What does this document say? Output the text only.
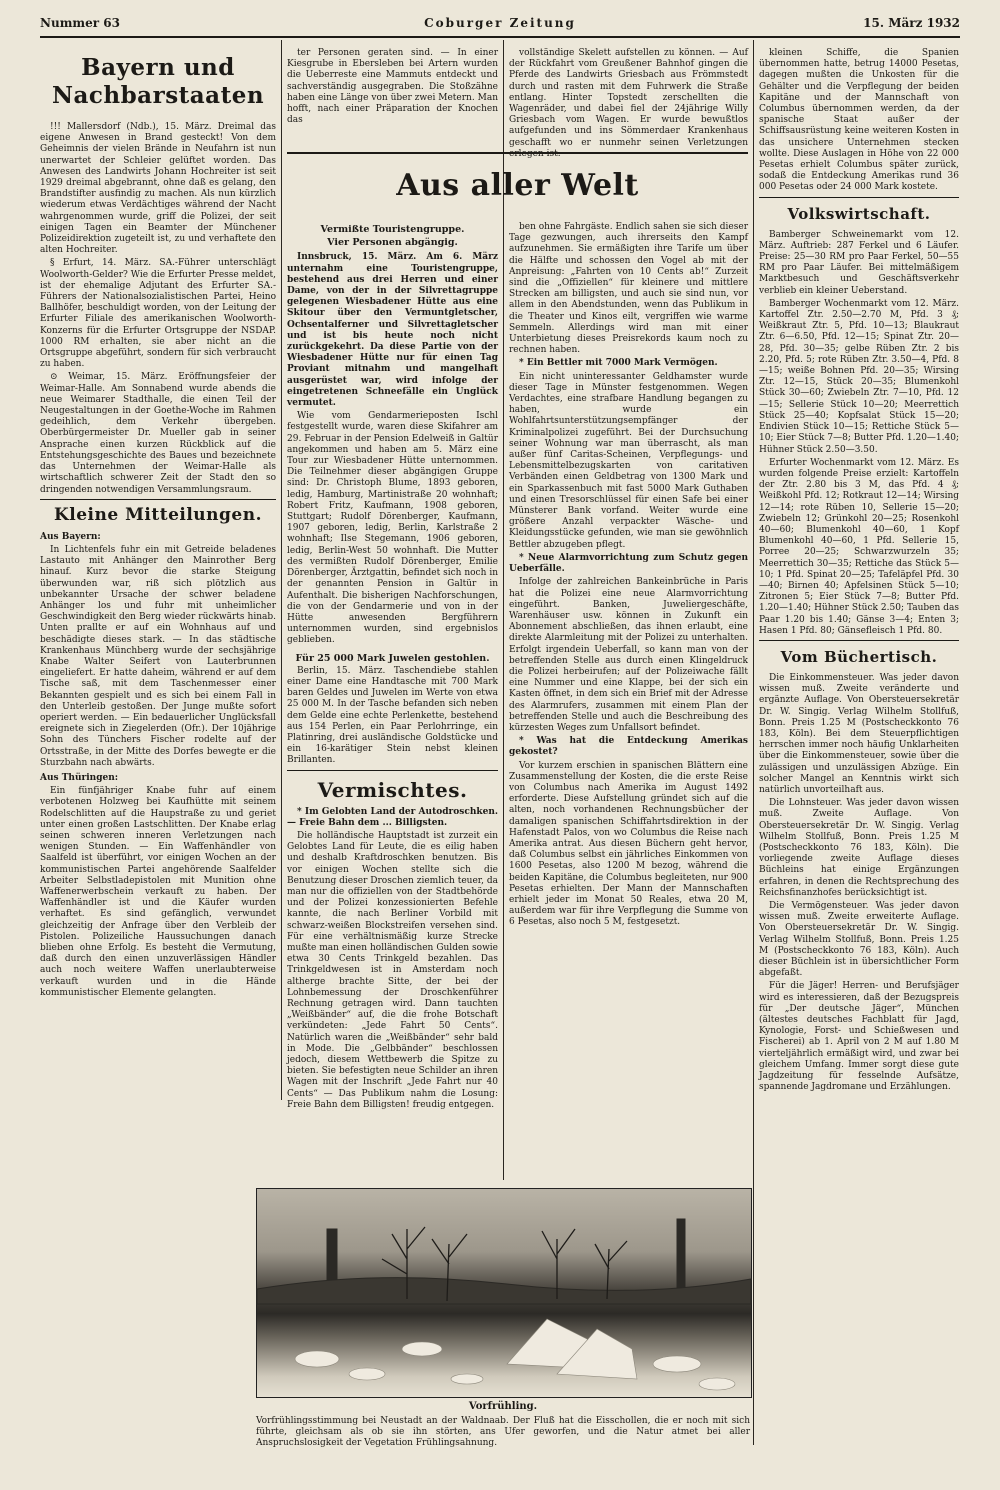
Nummer 63	Coburger Zeitung	15. März 1932
Bayern und Nachbarstaaten

!!! Mallersdorf (Ndb.), 15. März. Dreimal das eigene Anwesen in Brand gesteckt! Von dem Geheimnis der vielen Brände in Neufahrn ist nun unerwartet der Schleier gelüftet worden. Das Anwesen des Landwirts Johann Hochreiter ist seit 1929 dreimal abgebrannt, ohne daß es gelang, den Brandstifter ausfindig zu machen. Als nun kürzlich wiederum etwas Verdächtiges während der Nacht wahrgenommen wurde, griff die Polizei, der seit einigen Tagen ein Beamter der Münchener Polizeidirektion zugeteilt ist, zu und verhaftete den alten Hochreiter.

§ Erfurt, 14. März. SA.-Führer unterschlägt Woolworth-Gelder? Wie die Erfurter Presse meldet, ist der ehemalige Adjutant des Erfurter SA.-Führers der Nationalsozialistischen Partei, Heino Ballhöfer, beschuldigt worden, von der Leitung der Erfurter Filiale des amerikanischen Woolworth-Konzerns für die Erfurter Ortsgruppe der NSDAP. 1000 RM erhalten, sie aber nicht an die Ortsgruppe abgeführt, sondern für sich verbraucht zu haben.

⊙ Weimar, 15. März. Eröffnungsfeier der Weimar-Halle. Am Sonnabend wurde abends die neue Weimarer Stadthalle, die einen Teil der Neugestaltungen in der Goethe-Woche im Rahmen gedeihlich, dem Verkehr übergeben. Oberbürgermeister Dr. Mueller gab in seiner Ansprache einen kurzen Rückblick auf die Entstehungsgeschichte des Baues und bezeichnete das Unternehmen der Weimar-Halle als wirtschaftlich schwerer Zeit der Stadt den so dringenden notwendigen Versammlungsraum.

Kleine Mitteilungen.
Aus Bayern:

In Lichtenfels fuhr ein mit Getreide beladenes Lastauto mit Anhänger den Mainrother Berg hinauf. Kurz bevor die starke Steigung überwunden war, riß sich plötzlich aus unbekannter Ursache der schwer beladene Anhänger los und fuhr mit unheimlicher Geschwindigkeit den Berg wieder rückwärts hinab. Unten prallte er auf ein Wohnhaus auf und beschädigte dieses stark. — In das städtische Krankenhaus Münchberg wurde der sechsjährige Knabe Walter Seifert von Lauterbrunnen eingeliefert. Er hatte daheim, während er auf dem Tische saß, mit dem Taschenmesser einer Bekannten gespielt und es sich bei einem Fall in den Unterleib gestoßen. Der Junge mußte sofort operiert werden. — Ein bedauerlicher Unglücksfall ereignete sich in Ziegelerden (Ofr.). Der 10jährige Sohn des Tünchers Fischer rodelte auf der Ortsstraße, in der Mitte des Dorfes bewegte er die Sturzbahn nach abwärts.

Aus Thüringen:

Ein fünfjähriger Knabe fuhr auf einem verbotenen Holzweg bei Kaufhütte mit seinem Rodelschlitten auf die Haupstraße zu und geriet unter einen großen Lastschlitten. Der Knabe erlag seinen schweren inneren Verletzungen nach wenigen Stunden. — Ein Waffenhändler von Saalfeld ist überführt, vor einigen Wochen an der kommunistischen Partei angehörende Saalfelder Arbeiter Selbstladepistolen mit Munition ohne Waffenerwerbschein verkauft zu haben. Der Waffenhändler ist und die Käufer wurden verhaftet. Es sind gefänglich, verwundet gleichzeitig der Anfrage über den Verbleib der Pistolen. Polizeiliche Haussuchungen danach blieben ohne Erfolg. Es besteht die Vermutung, daß durch den einen unzuverlässigen Händler auch noch weitere Waffen unerlaubterweise verkauft wurden und in die Hände kommunistischer Elemente gelangten.

ter Personen geraten sind. — In einer Kiesgrube in Ebersleben bei Artern wurden die Ueberreste eine Mammuts entdeckt und sachverständig ausgegraben. Die Stoßzähne haben eine Länge von über zwei Metern. Man hofft, nach einer Präparation der Knochen das

vollständige Skelett aufstellen zu können. — Auf der Rückfahrt vom Greußener Bahnhof gingen die Pferde des Landwirts Griesbach aus Frömmstedt durch und rasten mit dem Fuhrwerk die Straße entlang. Hinter Topstedt zerschellten die Wagenräder, und dabei fiel der 24jährige Willy Griesbach vom Wagen. Er wurde bewußtlos aufgefunden und ins Sömmerdaer Krankenhaus geschafft wo er nunmehr seinen Verletzungen erlegen ist.

Aus aller Welt
Vermißte Touristengruppe.
Vier Personen abgängig.

Innsbruck, 15. März. Am 6. März unternahm eine Touristengruppe, bestehend aus drei Herren und einer Dame, von der in der Silvrettagruppe gelegenen Wiesbadener Hütte aus eine Skitour über den Vermuntgletscher, Ochsentalferner und Silvrettagletscher und ist bis heute noch nicht zurückgekehrt. Da diese Partie von der Wiesbadener Hütte nur für einen Tag Proviant mitnahm und mangelhaft ausgerüstet war, wird infolge der eingetretenen Schneefälle ein Unglück vermutet.

Wie vom Gendarmerieposten Ischl festgestellt wurde, waren diese Skifahrer am 29. Februar in der Pension Edelweiß in Galtür angekommen und haben am 5. März eine Tour zur Wiesbadener Hütte unternommen. Die Teilnehmer dieser abgängigen Gruppe sind: Dr. Christoph Blume, 1893 geboren, ledig, Hamburg, Martinistraße 20 wohnhaft; Robert Fritz, Kaufmann, 1908 geboren, Stuttgart; Rudolf Dörenberger, Kaufmann, 1907 geboren, ledig, Berlin, Karlstraße 2 wohnhaft; Ilse Stegemann, 1906 geboren, ledig, Berlin-West 50 wohnhaft. Die Mutter des vermißten Rudolf Dörenberger, Emilie Dörenberger, Ärztgattin, befindet sich noch in der genannten Pension in Galtür in Aufenthalt. Die bisherigen Nachforschungen, die von der Gendarmerie und von in der Hütte anwesenden Bergführern unternommen wurden, sind ergebnislos geblieben.

Für 25 000 Mark Juwelen gestohlen.

Berlin, 15. März. Taschendiebe stahlen einer Dame eine Handtasche mit 700 Mark baren Geldes und Juwelen im Werte von etwa 25 000 M. In der Tasche befanden sich neben dem Gelde eine echte Perlenkette, bestehend aus 154 Perlen, ein Paar Perlohrringe, ein Platinring, drei ausländische Goldstücke und ein 16-karätiger Stein nebst kleinen Brillanten.

Vermischtes.

* Im Gelobten Land der Autodroschken. — Freie Bahn dem ... Billigsten.

Die holländische Hauptstadt ist zurzeit ein Gelobtes Land für Leute, die es eilig haben und deshalb Kraftdroschken benutzen. Bis vor einigen Wochen stellte sich die Benutzung dieser Droschen ziemlich teuer, da man nur die offiziellen von der Stadtbehörde und der Polizei konzessionierten Befehle kannte, die nach Berliner Vorbild mit schwarz-weißen Blockstreifen versehen sind. Für eine verhältnismäßig kurze Strecke mußte man einen holländischen Gulden sowie etwa 30 Cents Trinkgeld bezahlen. Das Trinkgeldwesen ist in Amsterdam noch altherge brachte Sitte, der bei der Lohnbemessung der Droschkenführer Rechnung getragen wird. Dann tauchten „Weißbänder“ auf, die die frohe Botschaft verkündeten: „Jede Fahrt 50 Cents“. Natürlich waren die „Weißbänder“ sehr bald in Mode. Die „Gelbbänder“ beschlossen jedoch, diesem Wettbewerb die Spitze zu bieten. Sie befestigten neue Schilder an ihren Wagen mit der Inschrift „Jede Fahrt nur 40 Cents“ — Das Publikum nahm die Losung: Freie Bahn dem Billigsten! freudig entgegen.

ben ohne Fahrgäste. Endlich sahen sie sich dieser Tage gezwungen, auch ihrerseits den Kampf aufzunehmen. Sie ermäßigten ihre Tarife um über die Hälfte und schossen den Vogel ab mit der Anpreisung: „Fahrten von 10 Cents ab!“ Zurzeit sind die „Offiziellen“ für kleinere und mittlere Strecken am billigsten, und auch sie sind nun, vor allem in den Abendstunden, wenn das Publikum in die Theater und Kinos eilt, vergriffen wie warme Semmeln. Allerdings wird man mit einer Unterbietung dieses Preisrekords kaum noch zu rechnen haben.

* Ein Bettler mit 7000 Mark Vermögen.

Ein nicht uninteressanter Geldhamster wurde dieser Tage in Münster festgenommen. Wegen Verdachtes, eine strafbare Handlung begangen zu haben, wurde ein Wohlfahrtsunterstützungsempfänger der Kriminalpolizei zugeführt. Bei der Durchsuchung seiner Wohnung war man überrascht, als man außer fünf Caritas-Scheinen, Verpflegungs- und Lebensmittelbezugskarten von caritativen Verbänden einen Geldbetrag von 1300 Mark und ein Sparkassenbuch mit fast 5000 Mark Guthaben und einen Tresorschlüssel für einen Safe bei einer Münsterer Bank vorfand. Weiter wurde eine größere Anzahl verpackter Wäsche- und Kleidungsstücke gefunden, wie man sie gewöhnlich Bettler abzugeben pflegt.

* Neue Alarmvorrichtung zum Schutz gegen Ueberfälle.

Infolge der zahlreichen Bankeinbrüche in Paris hat die Polizei eine neue Alarmvorrichtung eingeführt. Banken, Juweliergeschäfte, Warenhäuser usw. können in Zukunft ein Abonnement abschließen, das ihnen erlaubt, eine direkte Alarmleitung mit der Polizei zu unterhalten. Erfolgt irgendein Ueberfall, so kann man von der betreffenden Stelle aus durch einen Klingeldruck die Polizei herbeirufen; auf der Polizeiwache fällt eine Nummer und eine Klappe, bei der sich ein Kasten öffnet, in dem sich ein Brief mit der Adresse des Alarmrufers, zusammen mit einem Plan der betreffenden Stelle und auch die Beschreibung des kürzesten Weges zum Unfallsort befindet.

* Was hat die Entdeckung Amerikas gekostet?

Vor kurzem erschien in spanischen Blättern eine Zusammenstellung der Kosten, die die erste Reise von Columbus nach Amerika im August 1492 erforderte. Diese Aufstellung gründet sich auf die alten, noch vorhandenen Rechnungsbücher der damaligen spanischen Schiffahrtsdirektion in der Hafenstadt Palos, von wo Columbus die Reise nach Amerika antrat. Aus diesen Büchern geht hervor, daß Columbus selbst ein jährliches Einkommen von 1600 Pesetas, also 1200 M bezog, während die beiden Kapitäne, die Columbus begleiteten, nur 900 Pesetas erhielten. Der Mann der Mannschaften erhielt jeder im Monat 50 Reales, etwa 20 M, außerdem war für ihre Verpflegung die Summe von 6 Pesetas, also noch 5 M, festgesetzt.

kleinen Schiffe, die Spanien übernommen hatte, betrug 14000 Pesetas, dagegen mußten die Unkosten für die Gehälter und die Verpflegung der beiden Kapitäne und der Mannschaft von Columbus übernommen werden, da der spanische Staat außer der Schiffsausrüstung keine weiteren Kosten in das unsichere Unternehmen stecken wollte. Diese Auslagen in Höhe von 22 000 Pesetas erhielt Columbus später zurück, sodaß die Entdeckung Amerikas rund 36 000 Pesetas oder 24 000 Mark kostete.

Volkswirtschaft.

Bamberger Schweinemarkt vom 12. März. Auftrieb: 287 Ferkel und 6 Läufer. Preise: 25—30 RM pro Paar Ferkel, 50—55 RM pro Paar Läufer. Bei mittelmäßigem Marktbesuch und Geschäftsverkehr verblieb ein kleiner Ueberstand.

Bamberger Wochenmarkt vom 12. März. Kartoffel Ztr. 2.50—2.70 M, Pfd. 3 ₰; Weißkraut Ztr. 5, Pfd. 10—13; Blaukraut Ztr. 6—6.50, Pfd. 12—15; Spinat Ztr. 20—28, Pfd. 30—35; gelbe Rüben Ztr. 2 bis 2.20, Pfd. 5; rote Rüben Ztr. 3.50—4, Pfd. 8—15; weiße Bohnen Pfd. 20—35; Wirsing Ztr. 12—15, Stück 20—35; Blumenkohl Stück 30—60; Zwiebeln Ztr. 7—10, Pfd. 12—15; Sellerie Stück 10—20; Meerrettich Stück 25—40; Kopfsalat Stück 15—20; Endivien Stück 10—15; Rettiche Stück 5—10; Eier Stück 7—8; Butter Pfd. 1.20—1.40; Hühner Stück 2.50—3.50.

Erfurter Wochenmarkt vom 12. März. Es wurden folgende Preise erzielt: Kartoffeln der Ztr. 2.80 bis 3 M, das Pfd. 4 ₰; Weißkohl Pfd. 12; Rotkraut 12—14; Wirsing 12—14; rote Rüben 10, Sellerie 15—20; Zwiebeln 12; Grünkohl 20—25; Rosenkohl 40—60; Blumenkohl 40—60, 1 Kopf Blumenkohl 40—60, 1 Pfd. Sellerie 15, Porree 20—25; Schwarzwurzeln 35; Meerrettich 30—35; Rettiche das Stück 5—10; 1 Pfd. Spinat 20—25; Tafeläpfel Pfd. 30—40; Birnen 40; Apfelsinen Stück 5—10; Zitronen 5; Eier Stück 7—8; Butter Pfd. 1.20—1.40; Hühner Stück 2.50; Tauben das Paar 1.20 bis 1.40; Gänse 3—4; Enten 3; Hasen 1 Pfd. 80; Gänsefleisch 1 Pfd. 80.

Vom Büchertisch.

Die Einkommensteuer. Was jeder davon wissen muß. Zweite veränderte und ergänzte Auflage. Von Obersteuersekretär Dr. W. Singig. Verlag Wilhelm Stollfuß, Bonn. Preis 1.25 M (Postscheckkonto 76 183, Köln). Bei dem Steuerpflichtigen herrschen immer noch häufig Unklarheiten über die Einkommensteuer, sowie über die zulässigen und unzulässigen Abzüge. Ein solcher Mangel an Kenntnis wirkt sich natürlich unvorteilhaft aus.

Die Lohnsteuer. Was jeder davon wissen muß. Zweite Auflage. Von Obersteuersekretär Dr. W. Singig. Verlag Wilhelm Stollfuß, Bonn. Preis 1.25 M (Postscheckkonto 76 183, Köln). Die vorliegende zweite Auflage dieses Büchleins hat einige Ergänzungen erfahren, in denen die Rechtsprechung des Reichsfinanzhofes berücksichtigt ist.

Die Vermögensteuer. Was jeder davon wissen muß. Zweite erweiterte Auflage. Von Obersteuersekretär Dr. W. Singig. Verlag Wilhelm Stollfuß, Bonn. Preis 1.25 M (Postscheckkonto 76 183, Köln). Auch dieser Büchlein ist in übersichtlicher Form abgefaßt.

Für die Jäger! Herren- und Berufsjäger wird es interessieren, daß der Bezugspreis für „Der deutsche Jäger“, München (ältestes deutsches Fachblatt für Jagd, Kynologie, Forst- und Schießwesen und Fischerei) ab 1. April von 2 M auf 1.80 M vierteljährlich ermäßigt wird, und zwar bei gleichem Umfang. Immer sorgt diese gute Jagdzeitung für fesselnde Aufsätze, spannende Jagdromane und Erzählungen.

Vorfrühling.
Vorfrühlingsstimmung bei Neustadt an der Waldnaab. Der Fluß hat die Eisschollen, die er noch mit sich führte, gleichsam als ob sie ihn störten, ans Ufer geworfen, und die Natur atmet bei aller Anspruchslosigkeit der Vegetation Frühlingsahnung.
